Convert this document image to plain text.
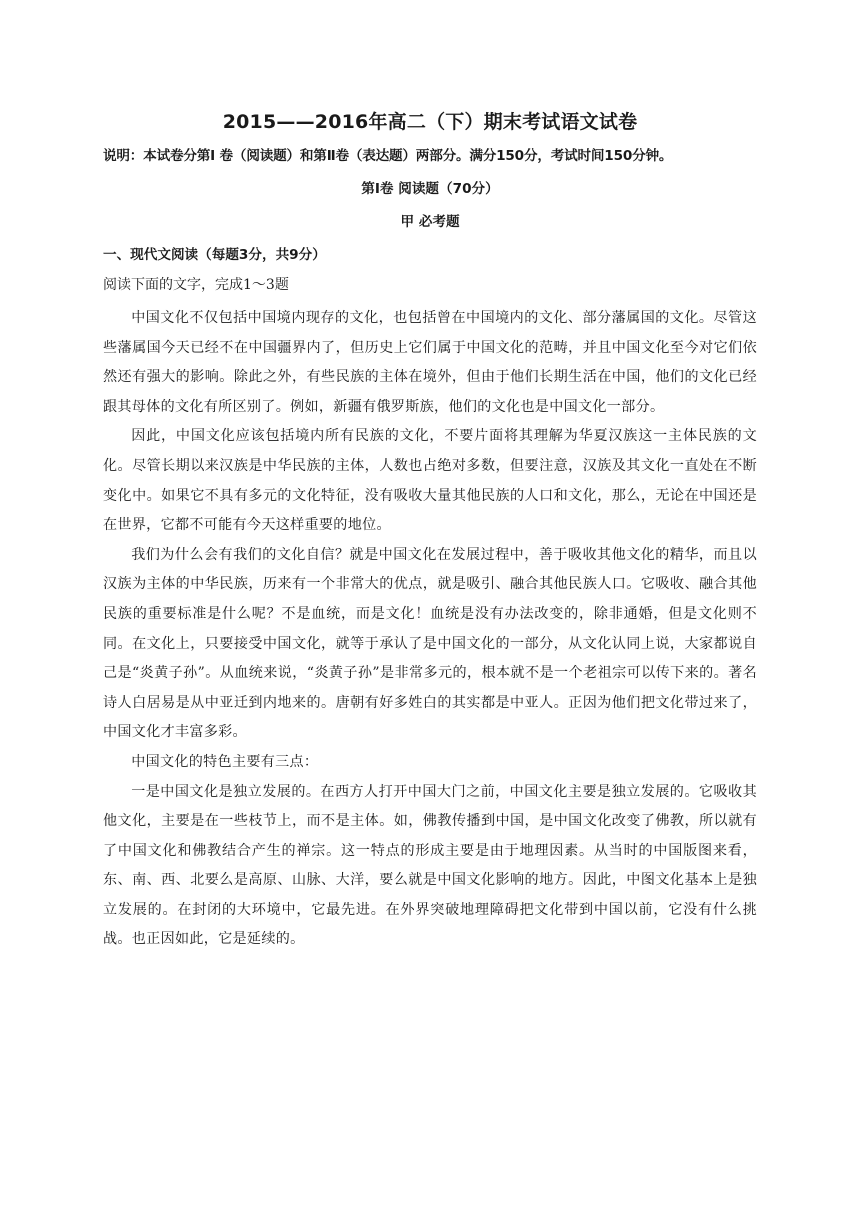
2015——2016年高二（下）期末考试语文试卷
说明：本试卷分第Ⅰ 卷（阅读题）和第Ⅱ卷（表达题）两部分。满分150分，考试时间150分钟。
第Ⅰ卷 阅读题（70分）
甲 必考题
一、现代文阅读（每题3分，共9分）
阅读下面的文字，完成1～3题

中国文化不仅包括中国境内现存的文化，也包括曾在中国境内的文化、部分藩属国的文化。尽管这些藩属国今天已经不在中国疆界内了，但历史上它们属于中国文化的范畴，并且中国文化至今对它们依然还有强大的影响。除此之外，有些民族的主体在境外，但由于他们长期生活在中国，他们的文化已经跟其母体的文化有所区别了。例如，新疆有俄罗斯族，他们的文化也是中国文化一部分。

因此，中国文化应该包括境内所有民族的文化，不要片面将其理解为华夏汉族这一主体民族的文化。尽管长期以来汉族是中华民族的主体，人数也占绝对多数，但要注意，汉族及其文化一直处在不断变化中。如果它不具有多元的文化特征，没有吸收大量其他民族的人口和文化，那么，无论在中国还是在世界，它都不可能有今天这样重要的地位。

我们为什么会有我们的文化自信？就是中国文化在发展过程中，善于吸收其他文化的精华，而且以汉族为主体的中华民族，历来有一个非常大的优点，就是吸引、融合其他民族人口。它吸收、融合其他民族的重要标准是什么呢？不是血统，而是文化！血统是没有办法改变的，除非通婚，但是文化则不同。在文化上，只要接受中国文化，就等于承认了是中国文化的一部分，从文化认同上说，大家都说自己是“炎黄子孙”。从血统来说，“炎黄子孙”是非常多元的，根本就不是一个老祖宗可以传下来的。著名诗人白居易是从中亚迁到内地来的。唐朝有好多姓白的其实都是中亚人。正因为他们把文化带过来了，中国文化才丰富多彩。

中国文化的特色主要有三点：

一是中国文化是独立发展的。在西方人打开中国大门之前，中国文化主要是独立发展的。它吸收其他文化，主要是在一些枝节上，而不是主体。如，佛教传播到中国，是中国文化改变了佛教，所以就有了中国文化和佛教结合产生的禅宗。这一特点的形成主要是由于地理因素。从当时的中国版图来看，东、南、西、北要么是高原、山脉、大洋，要么就是中国文化影响的地方。因此，中图文化基本上是独立发展的。在封闭的大环境中，它最先进。在外界突破地理障碍把文化带到中国以前，它没有什么挑战。也正因如此，它是延续的。
